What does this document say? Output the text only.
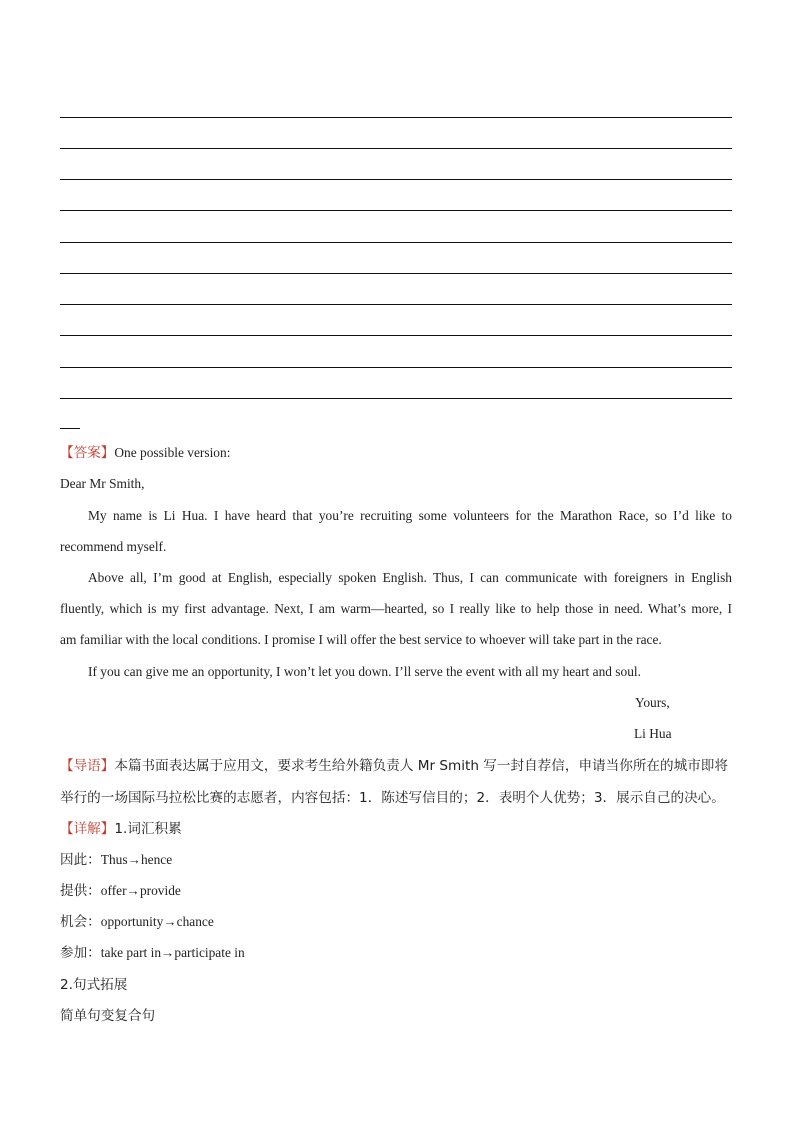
【答案】One possible version:
Dear Mr Smith,
My name is Li Hua. I have heard that you’re recruiting some volunteers for the Marathon Race, so I’d like to
recommend myself.
Above all, I’m good at English, especially spoken English. Thus, I can communicate with foreigners in English
fluently, which is my first advantage. Next, I am warm—hearted, so I really like to help those in need. What’s more, I
am familiar with the local conditions. I promise I will offer the best service to whoever will take part in the race.
If you can give me an opportunity, I won’t let you down. I’ll serve the event with all my heart and soul.
Yours,
Li Hua
【导语】本篇书面表达属于应用文，要求考生给外籍负责人 Mr Smith 写一封自荐信，申请当你所在的城市即将
举行的一场国际马拉松比赛的志愿者，内容包括：1．陈述写信目的；2．表明个人优势；3．展示自己的决心。
【详解】1.词汇积累
因此：Thus→hence
提供：offer→provide
机会：opportunity→chance
参加：take part in→participate in
2.句式拓展
简单句变复合句
